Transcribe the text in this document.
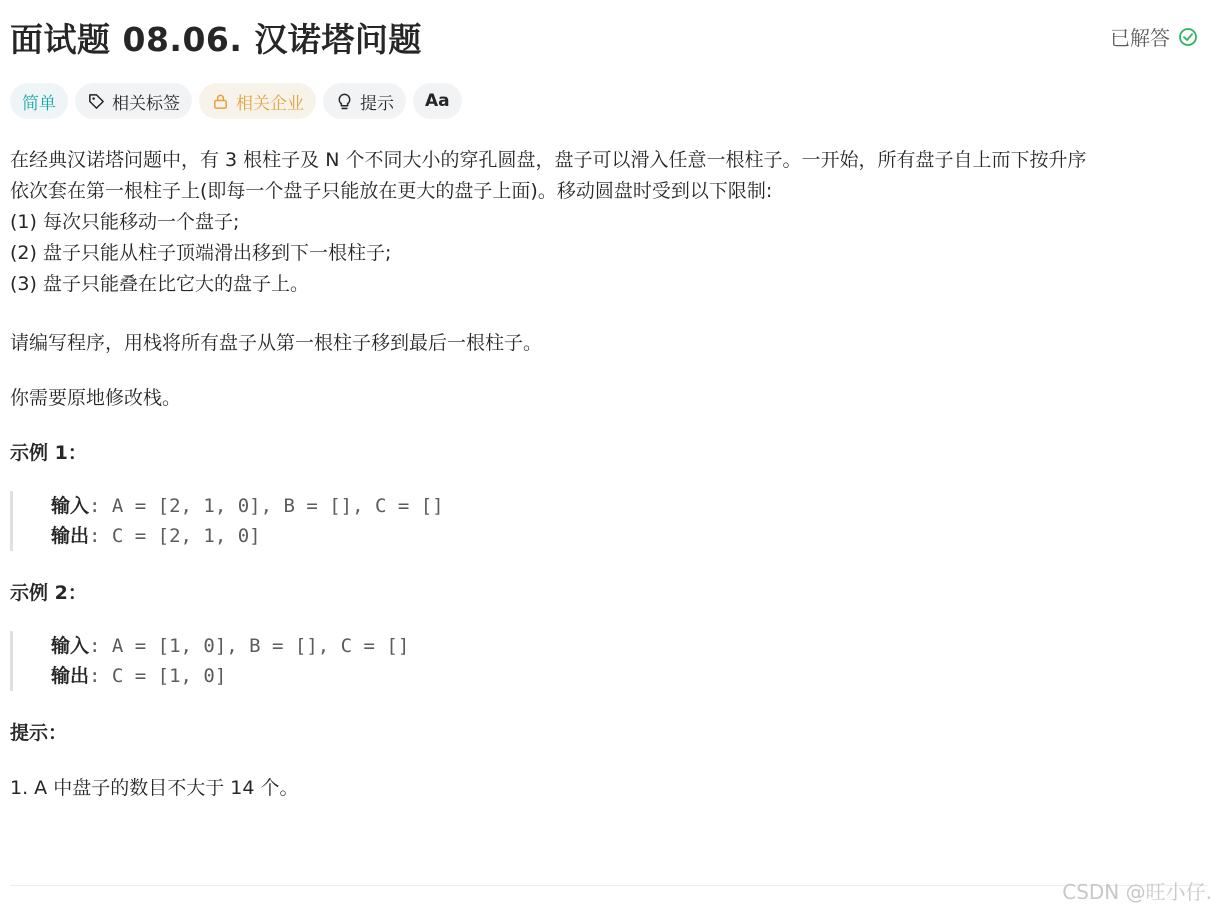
面试题 08.06. 汉诺塔问题	已解答
简单	相关标签	相关企业	提示 Aa

在经典汉诺塔问题中，有 3 根柱子及 N 个不同大小的穿孔圆盘，盘子可以滑入任意一根柱子。一开始，所有盘子自上而下按升序

依次套在第一根柱子上(即每一个盘子只能放在更大的盘子上面)。移动圆盘时受到以下限制:

(1) 每次只能移动一个盘子;

(2) 盘子只能从柱子顶端滑出移到下一根柱子;

(3) 盘子只能叠在比它大的盘子上。

请编写程序，用栈将所有盘子从第一根柱子移到最后一根柱子。
你需要原地修改栈。
示例 1：
输入 : A = [2, 1, 0], B = [], C = []
输出 : C = [2, 1, 0]
示例 2：
输入 : A = [1, 0], B = [], C = []
输出 : C = [1, 0]
提示：
1. A 中盘子的数目不大于 14 个。
CSDN @旺小仔.
